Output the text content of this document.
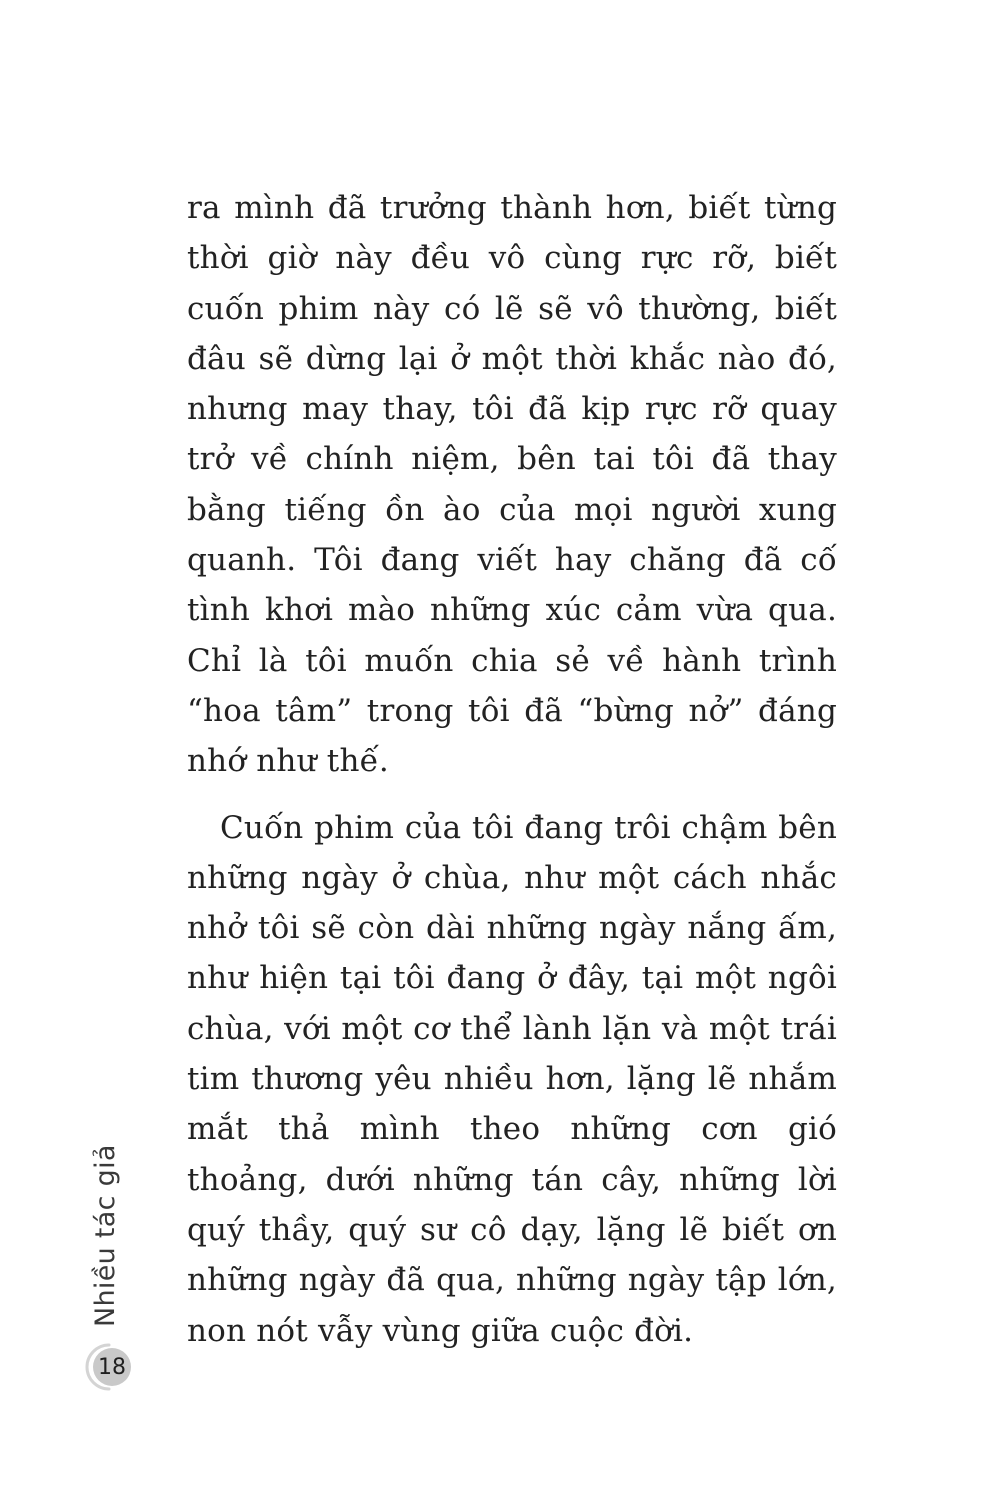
ra mình đã trưởng thành hơn, biết từng thời giờ này đều vô cùng rực rỡ, biết cuốn phim này có lẽ sẽ vô thường, biết đâu sẽ dừng lại ở một thời khắc nào đó, nhưng may thay, tôi đã kịp rực rỡ quay trở về chính niệm, bên tai tôi đã thay bằng tiếng ồn ào của mọi người xung quanh. Tôi đang viết hay chăng đã cố tình khơi mào những xúc cảm vừa qua. Chỉ là tôi muốn chia sẻ về hành trình “hoa tâm” trong tôi đã “bừng nở” đáng nhớ như thế.

Cuốn phim của tôi đang trôi chậm bên những ngày ở chùa, như một cách nhắc nhở tôi sẽ còn dài những ngày nắng ấm, như hiện tại tôi đang ở đây, tại một ngôi chùa, với một cơ thể lành lặn và một trái tim thương yêu nhiều hơn, lặng lẽ nhắm mắt thả mình theo những cơn gió thoảng, dưới những tán cây, những lời quý thầy, quý sư cô dạy, lặng lẽ biết ơn những ngày đã qua, những ngày tập lớn, non nót vẫy vùng giữa cuộc đời.

Nhiều tác giả
18
